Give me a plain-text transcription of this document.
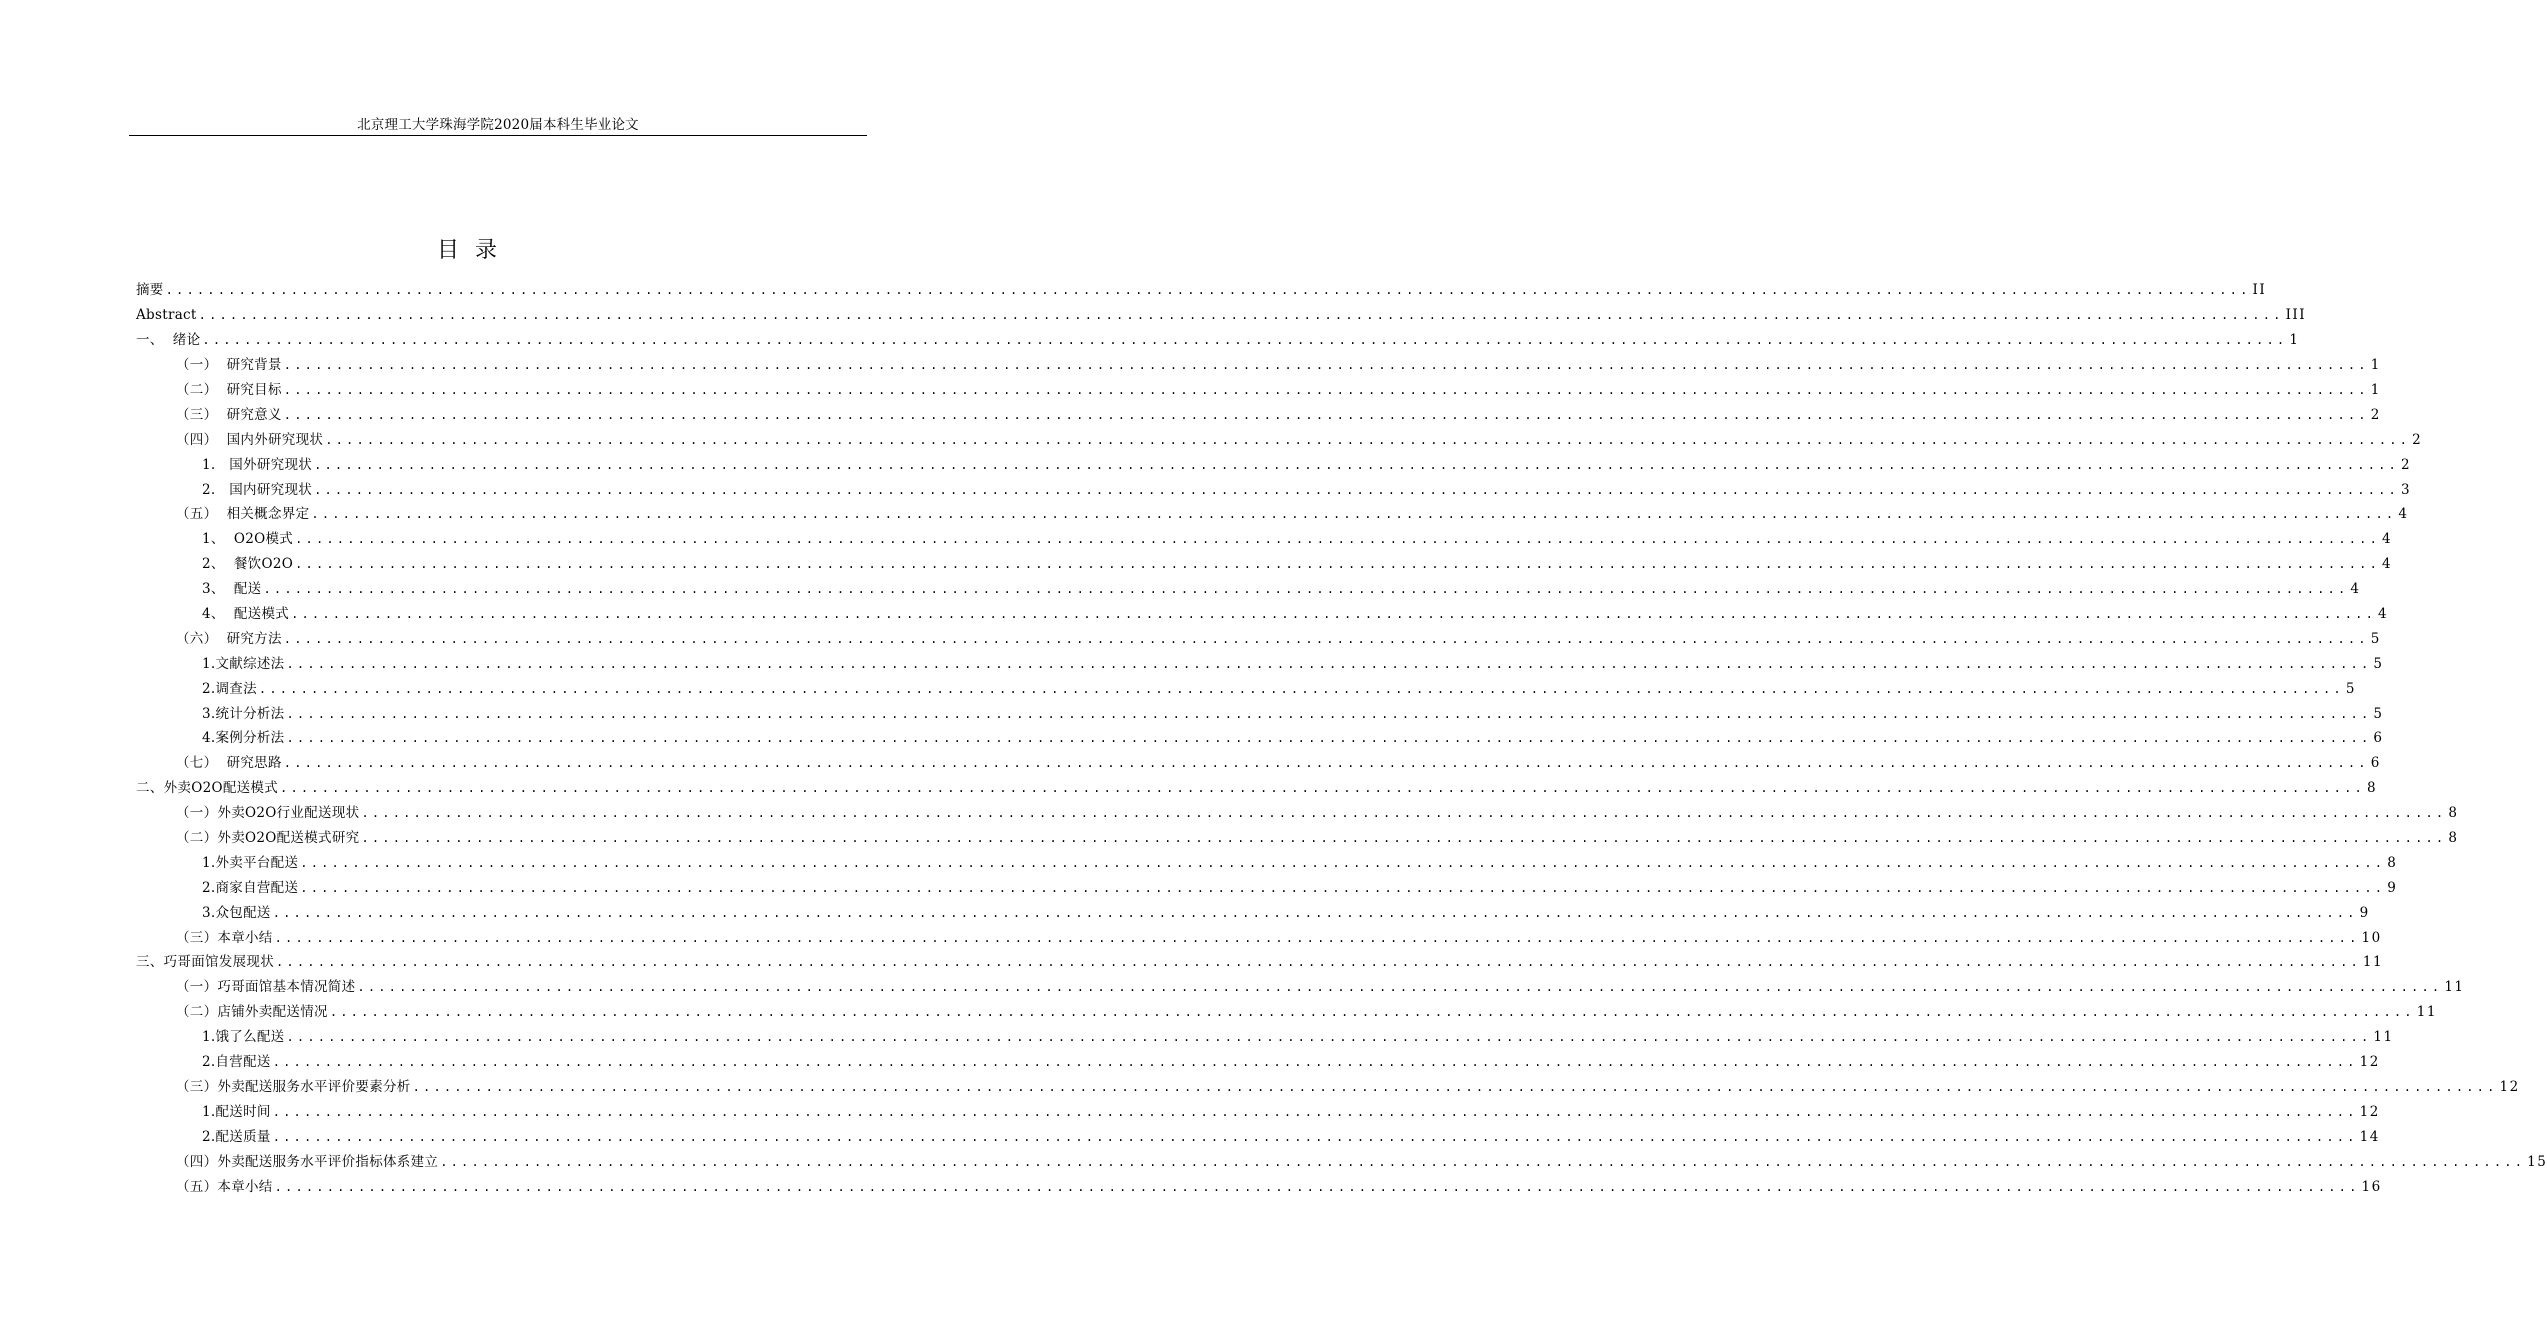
北京理工大学珠海学院2020届本科生毕业论文
目录
摘要 ........................................................................................................................................................................................................ II
Abstract ........................................................................................................................................................................................................ III
一、  绪论 ........................................................................................................................................................................................................ 1
（一）  研究背景 ........................................................................................................................................................................................................ 1
（二）  研究目标 ........................................................................................................................................................................................................ 1
（三）  研究意义 ........................................................................................................................................................................................................ 2
（四）  国内外研究现状 ........................................................................................................................................................................................................ 2
1.   国外研究现状 ........................................................................................................................................................................................................ 2
2.   国内研究现状 ........................................................................................................................................................................................................ 3
（五）  相关概念界定 ........................................................................................................................................................................................................ 4
1、  O2O模式 ........................................................................................................................................................................................................ 4
2、  餐饮O2O ........................................................................................................................................................................................................ 4
3、  配送 ........................................................................................................................................................................................................ 4
4、  配送模式 ........................................................................................................................................................................................................ 4
（六）  研究方法 ........................................................................................................................................................................................................ 5
1.文献综述法 ........................................................................................................................................................................................................ 5
2.调查法 ........................................................................................................................................................................................................ 5
3.统计分析法 ........................................................................................................................................................................................................ 5
4.案例分析法 ........................................................................................................................................................................................................ 6
（七）  研究思路 ........................................................................................................................................................................................................ 6
二、外卖O2O配送模式 ........................................................................................................................................................................................................ 8
（一）外卖O2O行业配送现状 ........................................................................................................................................................................................................ 8
（二）外卖O2O配送模式研究 ........................................................................................................................................................................................................ 8
1.外卖平台配送 ........................................................................................................................................................................................................ 8
2.商家自营配送 ........................................................................................................................................................................................................ 9
3.众包配送 ........................................................................................................................................................................................................ 9
（三）本章小结 ........................................................................................................................................................................................................ 10
三、巧哥面馆发展现状 ........................................................................................................................................................................................................ 11
（一）巧哥面馆基本情况简述 ........................................................................................................................................................................................................ 11
（二）店铺外卖配送情况 ........................................................................................................................................................................................................ 11
1.饿了么配送 ........................................................................................................................................................................................................ 11
2.自营配送 ........................................................................................................................................................................................................ 12
（三）外卖配送服务水平评价要素分析 ........................................................................................................................................................................................................ 12
1.配送时间 ........................................................................................................................................................................................................ 12
2.配送质量 ........................................................................................................................................................................................................ 14
（四）外卖配送服务水平评价指标体系建立 ........................................................................................................................................................................................................ 15
（五）本章小结 ........................................................................................................................................................................................................ 16
